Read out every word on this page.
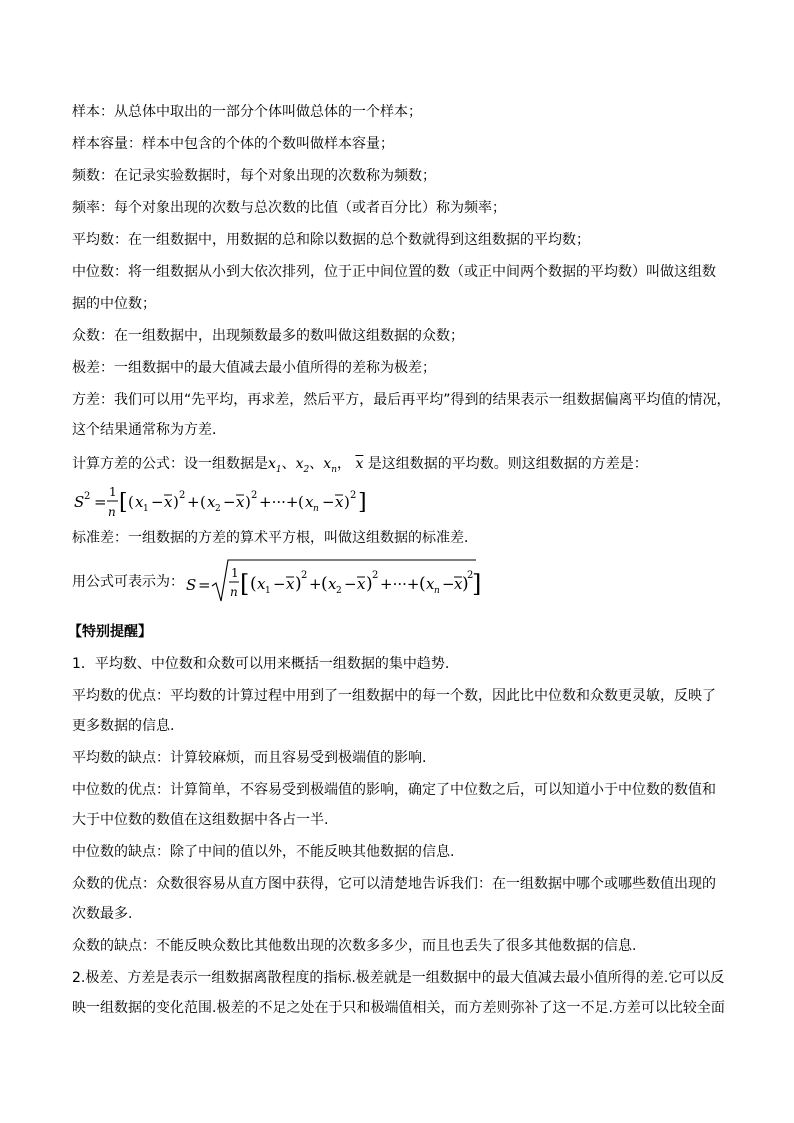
样本：从总体中取出的一部分个体叫做总体的一个样本；
样本容量：样本中包含的个体的个数叫做样本容量；
频数：在记录实验数据时，每个对象出现的次数称为频数；
频率：每个对象出现的次数与总次数的比值（或者百分比）称为频率；
平均数：在一组数据中，用数据的总和除以数据的总个数就得到这组数据的平均数；
中位数：将一组数据从小到大依次排列，位于正中间位置的数（或正中间两个数据的平均数）叫做这组数
据的中位数；
众数：在一组数据中，出现频数最多的数叫做这组数据的众数；
极差：一组数据中的最大值减去最小值所得的差称为极差；
方差：我们可以用“先平均，再求差，然后平方，最后再平均”得到的结果表示一组数据偏离平均值的情况，
这个结果通常称为方差．
计算方差的公式：设一组数据是$x_1$、$x_2$、$x_n$， $\overline{x}$ 是这组数据的平均数。则这组数据的方差是：
S 2 =
1
n [ ( x 1 − x ) 2 + ( x 2 − x ) 2 +···+ ( x n − x ) 2 ]
标准差：一组数据的方差的算术平方根，叫做这组数据的标准差．
用公式可表示为： S =
1
n [ ( x 1 − x ) 2 + ( x 2 − x ) 2 +···+ ( x n − x )
2
]
【特别提醒】
1．平均数、中位数和众数可以用来概括一组数据的集中趋势.
平均数的优点：平均数的计算过程中用到了一组数据中的每一个数，因此比中位数和众数更灵敏，反映了
更多数据的信息.
平均数的缺点：计算较麻烦，而且容易受到极端值的影响.
中位数的优点：计算简单，不容易受到极端值的影响，确定了中位数之后，可以知道小于中位数的数值和
大于中位数的数值在这组数据中各占一半.
中位数的缺点：除了中间的值以外，不能反映其他数据的信息.
众数的优点：众数很容易从直方图中获得，它可以清楚地告诉我们：在一组数据中哪个或哪些数值出现的
次数最多.
众数的缺点：不能反映众数比其他数出现的次数多多少，而且也丢失了很多其他数据的信息.
2.极差、方差是表示一组数据离散程度的指标.极差就是一组数据中的最大值减去最小值所得的差.它可以反
映一组数据的变化范围.极差的不足之处在于只和极端值相关，而方差则弥补了这一不足.方差可以比较全面
